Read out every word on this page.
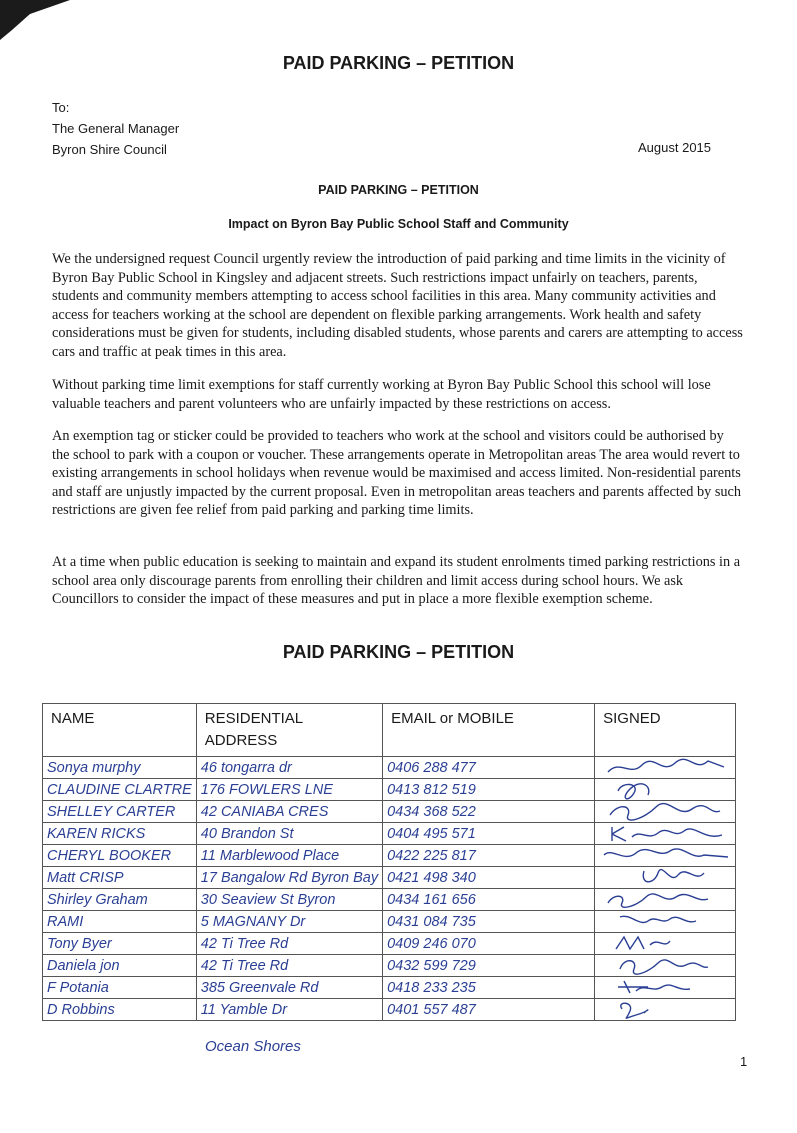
PAID PARKING – PETITION
To:
The General Manager
Byron Shire Council	August 2015
PAID PARKING – PETITION
Impact on Byron Bay Public School Staff and Community

We the undersigned request Council urgently review the introduction of paid parking and time limits in the vicinity of Byron Bay Public School in Kingsley and adjacent streets. Such restrictions impact unfairly on teachers, parents, students and community members attempting to access school facilities in this area. Many community activities and access for teachers working at the school are dependent on flexible parking arrangements. Work health and safety considerations must be given for students, including disabled students, whose parents and carers are attempting to access cars and traffic at peak times in this area.

Without parking time limit exemptions for staff currently working at Byron Bay Public School this school will lose valuable teachers and parent volunteers who are unfairly impacted by these restrictions on access.

An exemption tag or sticker could be provided to teachers who work at the school and visitors could be authorised by the school to park with a coupon or voucher. These arrangements operate in Metropolitan areas The area would revert to existing arrangements in school holidays when revenue would be maximised and access limited. Non-residential parents and staff are unjustly impacted by the current proposal. Even in metropolitan areas teachers and parents affected by such restrictions are given fee relief from paid parking and parking time limits.

At a time when public education is seeking to maintain and expand its student enrolments timed parking restrictions in a school area only discourage parents from enrolling their children and limit access during school hours. We ask Councillors to consider the impact of these measures and put in place a more flexible exemption scheme.

PAID PARKING – PETITION
NAME	RESIDENTIAL ADDRESS	EMAIL or MOBILE	SIGNED
Sonya murphy	46 tongarra dr	0406 288 477	

CLAUDINE CLARTRE	176 FOWLERS LNE	0413 812 519	

SHELLEY CARTER	42 CANIABA CRES	0434 368 522	

KAREN RICKS	40 Brandon St	0404 495 571	

CHERYL BOOKER	11 Marblewood Place	0422 225 817	

Matt CRISP	17 Bangalow Rd Byron Bay	0421 498 340	

Shirley Graham	30 Seaview St Byron	0434 161 656	

RAMI	5 MAGNANY Dr	0431 084 735	

Tony Byer	42 Ti Tree Rd	0409 246 070	

Daniela jon	42 Ti Tree Rd	0432 599 729	

F Potania	385 Greenvale Rd	0418 233 235	

D Robbins	11 Yamble Dr	0401 557 487	
Ocean Shores
1
